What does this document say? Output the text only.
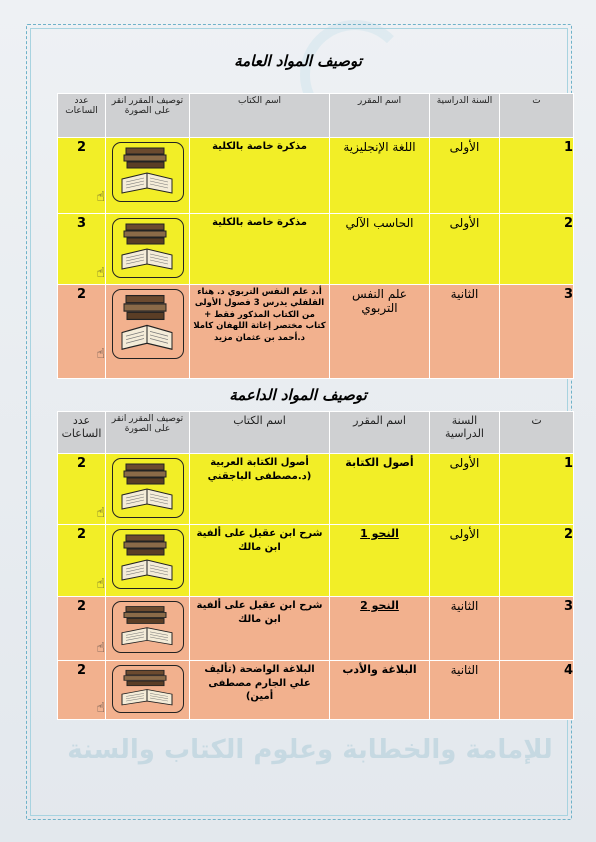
للإمامة والخطابة وعلوم الكتاب والسنة
توصيف المواد العامة
ت	السنة الدراسية	اسم المقرر	اسم الكتاب	توصيف المقرر انقر على الصورة	عدد الساعات
1	الأولى	اللغة الإنجليزية	مذكرة خاصة بالكلية	☝	2
2	الأولى	الحاسب الآلي	مذكرة خاصة بالكلية	☝	3
3	الثانية	علم النفس التربوي	أ.د علم النفس التربوي د. هناء القلفلي يدرس 3 فصول الأولى من الكتاب المذكور فقط + كتاب مختصر إغاثة اللهفان كاملا د.أحمد بن عثمان مزيد	☝	2
توصيف المواد الداعمة
ت	السنة الدراسية	اسم المقرر	اسم الكتاب	توصيف المقرر انقر على الصورة	عدد الساعات
1	الأولى	أصول الكتابة	أصول الكتابة العربية (د.مصطفى الباجقني	☝	2
2	الأولى	النحو 1	شرح ابن عقيل على ألفية ابن مالك	☝	2
3	الثانية	النحو 2	شرح ابن عقيل على ألفية ابن مالك	☝	2
4	الثانية	البلاغة والأدب	البلاغة الواضحة (تأليف علي الجارم مصطفى أمين)	☝	2
